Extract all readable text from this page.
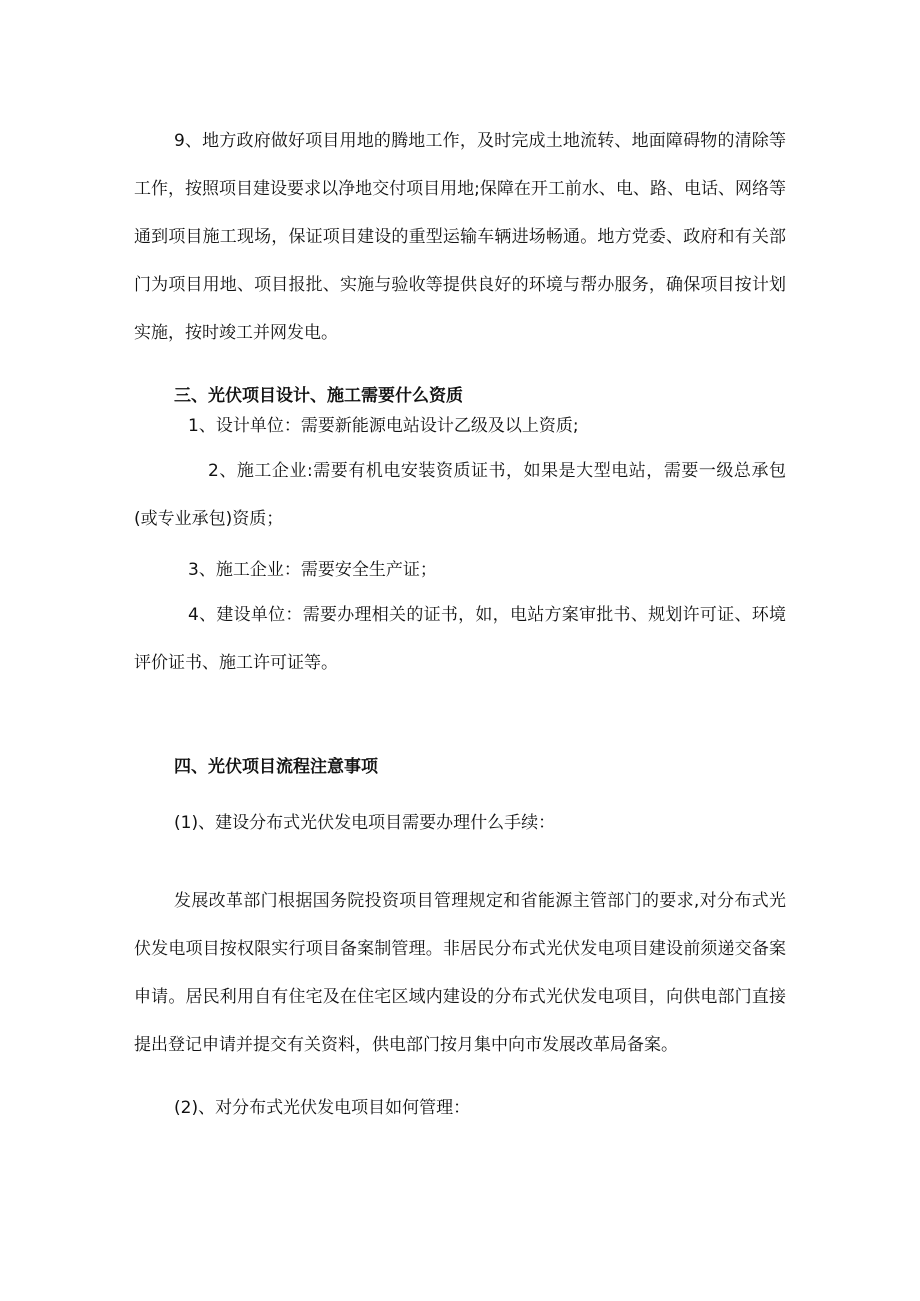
9、地方政府做好项目用地的腾地工作，及时完成土地流转、地面障碍物的清除等工作，按照项目建设要求以净地交付项目用地;保障在开工前水、电、路、电话、网络等通到项目施工现场，保证项目建设的重型运输车辆进场畅通。地方党委、政府和有关部门为项目用地、项目报批、实施与验收等提供良好的环境与帮办服务，确保项目按计划实施，按时竣工并网发电。

三、光伏项目设计、施工需要什么资质

1、设计单位：需要新能源电站设计乙级及以上资质;

2、施工企业:需要有机电安装资质证书，如果是大型电站，需要一级总承包(或专业承包)资质；

3、施工企业：需要安全生产证；

4、建设单位：需要办理相关的证书，如，电站方案审批书、规划许可证、环境评价证书、施工许可证等。

四、光伏项目流程注意事项

(1)、建设分布式光伏发电项目需要办理什么手续：

发展改革部门根据国务院投资项目管理规定和省能源主管部门的要求,对分布式光伏发电项目按权限实行项目备案制管理。非居民分布式光伏发电项目建设前须递交备案申请。居民利用自有住宅及在住宅区域内建设的分布式光伏发电项目，向供电部门直接提出登记申请并提交有关资料，供电部门按月集中向市发展改革局备案。

(2)、对分布式光伏发电项目如何管理：
